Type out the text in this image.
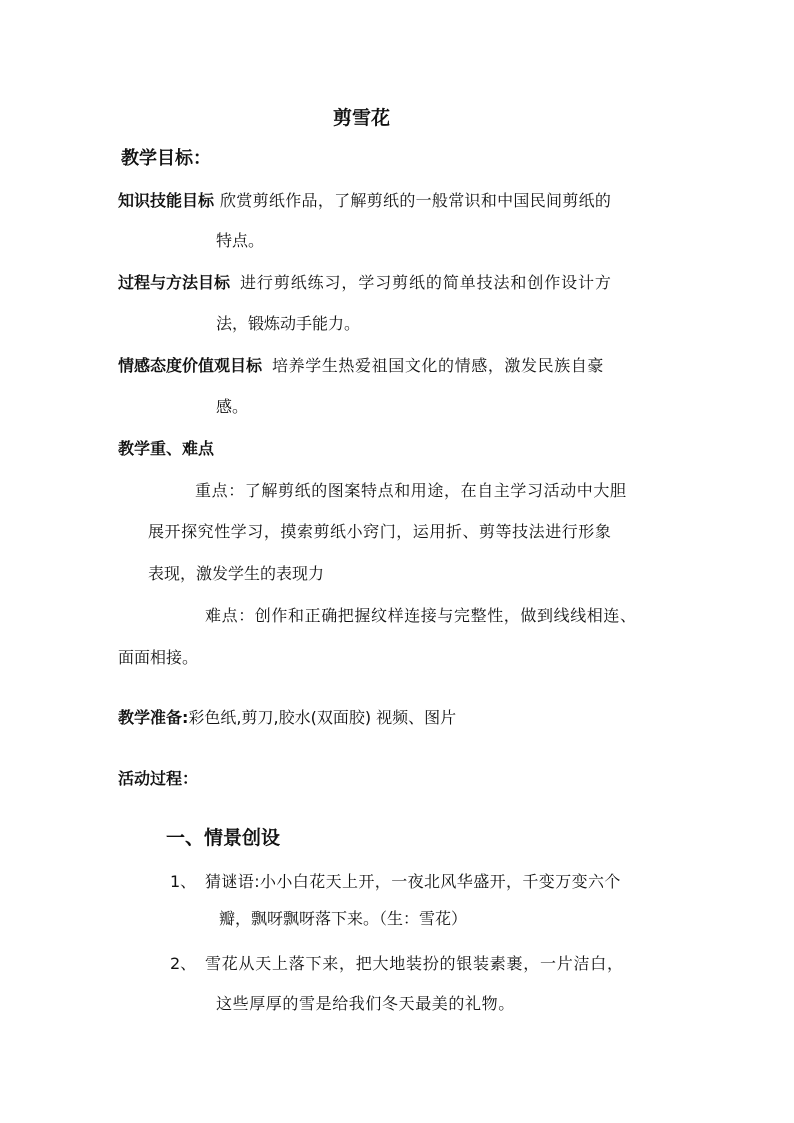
剪雪花
教学目标：
知识技能目标 欣赏剪纸作品，了解剪纸的一般常识和中国民间剪纸的
特点。
过程与方法目标 进行剪纸练习，学习剪纸的简单技法和创作设计方
法，锻炼动手能力。
情感态度价值观目标 培养学生热爱祖国文化的情感，激发民族自豪
感。
教学重、难点
重点：了解剪纸的图案特点和用途，在自主学习活动中大胆
展开探究性学习，摸索剪纸小窍门，运用折、剪等技法进行形象
表现，激发学生的表现力
难点：创作和正确把握纹样连接与完整性，做到线线相连、
面面相接。
教学准备:彩色纸,剪刀,胶水(双面胶) 视频、图片
活动过程：
一、情景创设
1、 猜谜语:小小白花天上开，一夜北风华盛开，千变万变六个
瓣，飘呀飘呀落下来。（生：雪花）
2、 雪花从天上落下来，把大地装扮的银装素裹，一片洁白，
这些厚厚的雪是给我们冬天最美的礼物。
